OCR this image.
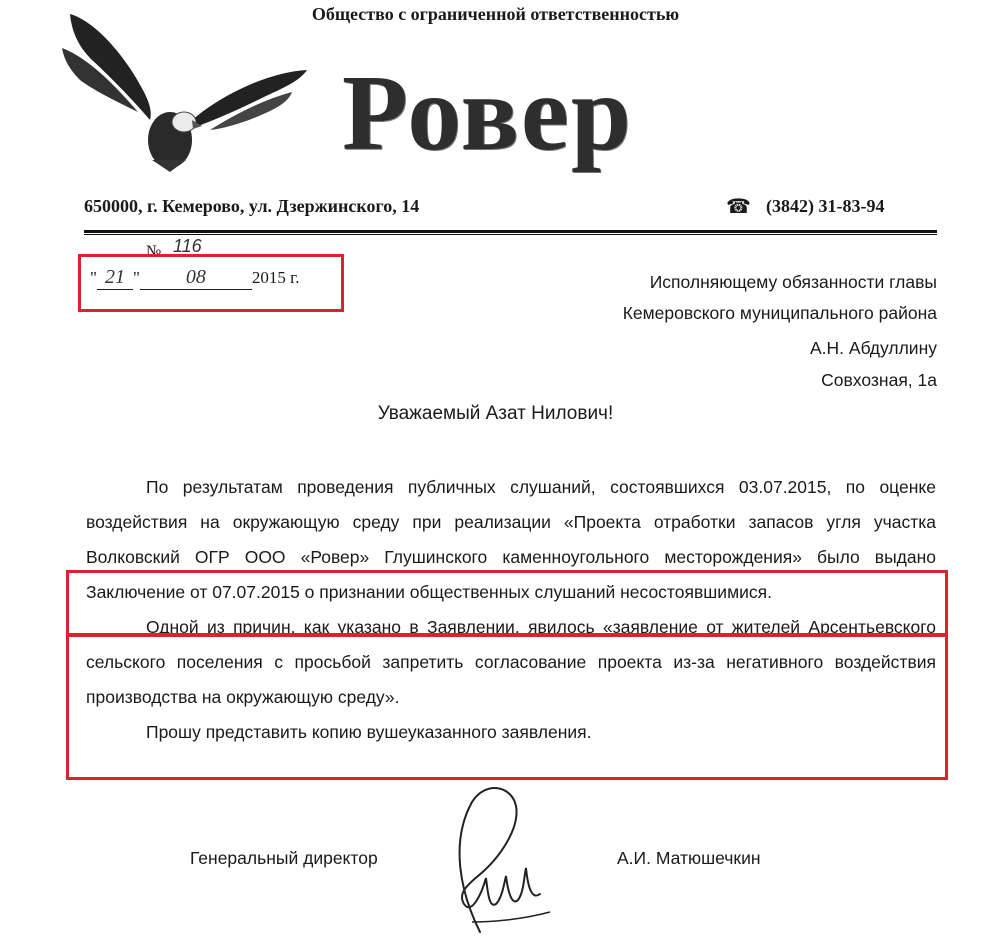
Общество с ограниченной ответственностью
Ровер
650000, г. Кемерово, ул. Дзержинского, 14	☎ (3842) 31-83-94
№ 116
" 21 " 08	2015 г.	Исполняющему обязанности главы
Кемеровского муниципального района
А.Н. Абдуллину
Совхозная, 1а
Уважаемый Азат Нилович!

По результатам проведения публичных слушаний, состоявшихся 03.07.2015, по оценке воздействия на окружающую среду при реализации «Проекта отработки запасов угля участка Волковский ОГР ООО «Ровер» Глушинского каменноугольного месторождения» было выдано Заключение от 07.07.2015 о признании общественных слушаний несостоявшимися.

Одной из причин, как указано в Заявлении, явилось «заявление от жителей Арсентьевского сельского поселения с просьбой запретить согласование проекта из-за негативного воздействия производства на окружающую среду».

Прошу представить копию вушеуказанного заявления.

Генеральный директор	А.И. Матюшечкин
